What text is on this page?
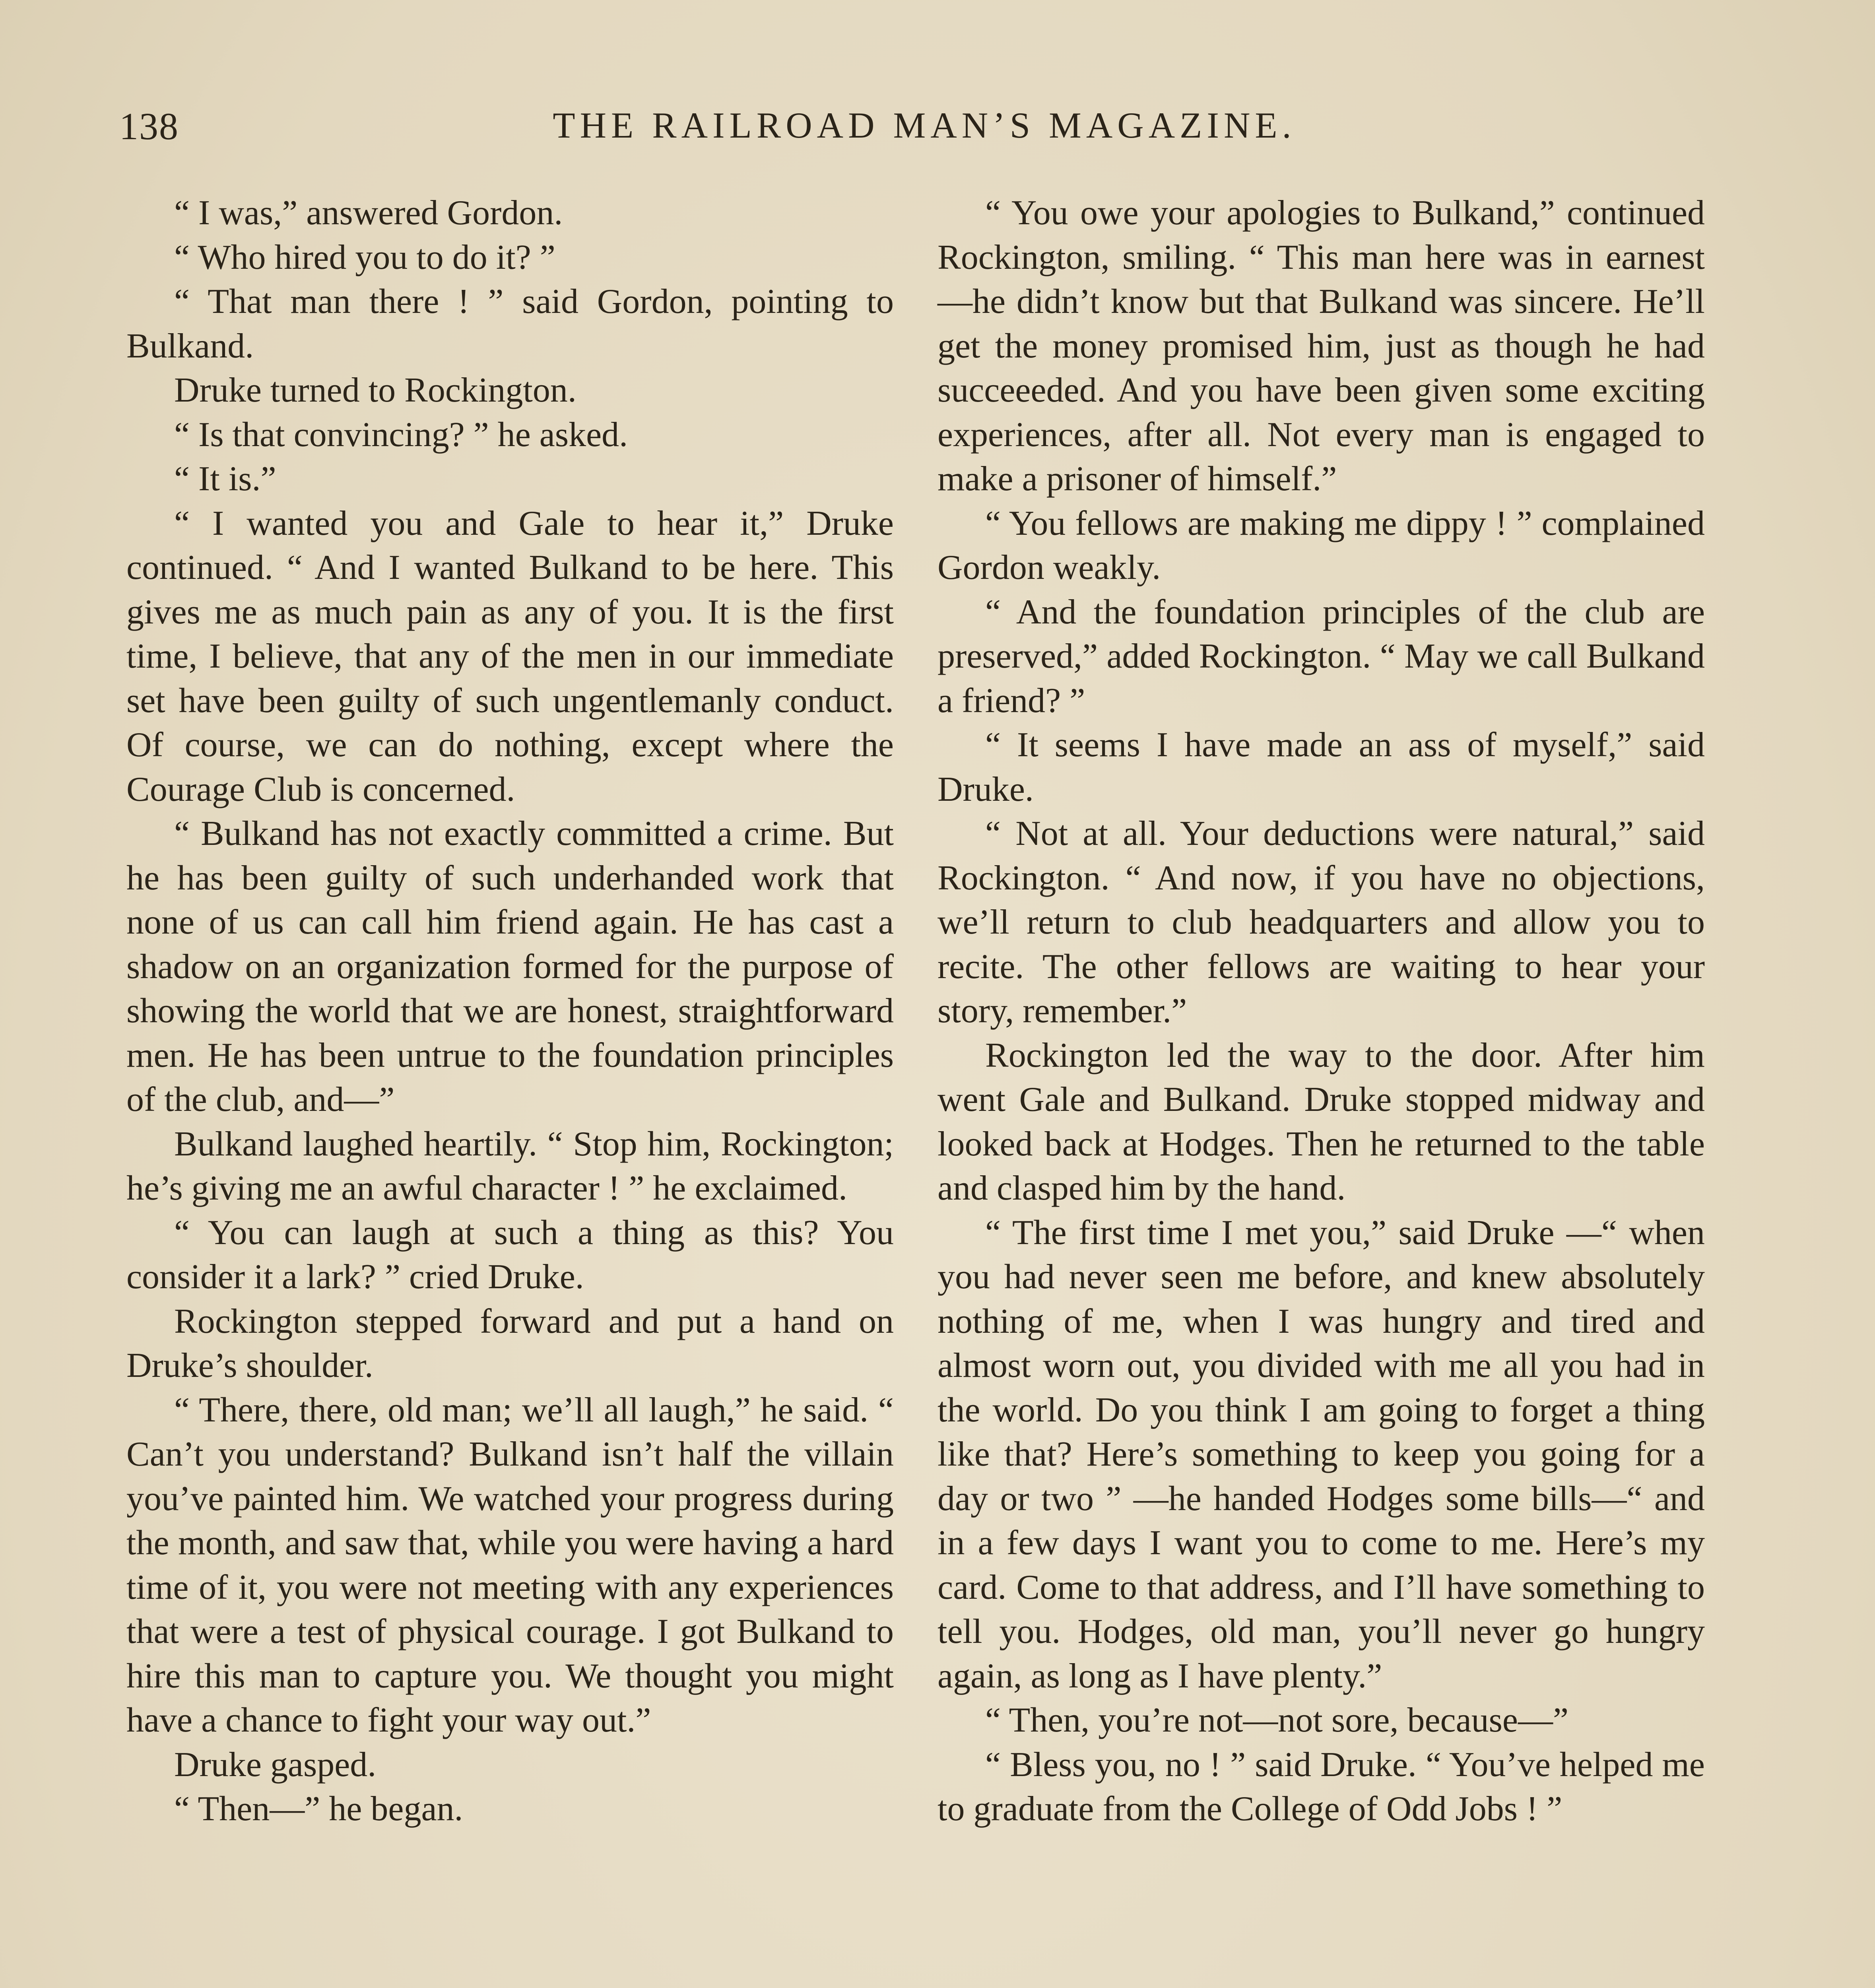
138	THE RAILROAD MAN’S MAGAZINE.

“ I was,” answered Gordon.

“ Who hired you to do it? ”

“ That man there ! ” said Gordon, pointing to Bulkand.

Druke turned to Rockington.

“ Is that convincing? ” he asked.

“ It is.”

“ I wanted you and Gale to hear it,” Druke continued. “ And I wanted Bulkand to be here. This gives me as much pain as any of you. It is the first time, I believe, that any of the men in our immediate set have been guilty of such ungentlemanly conduct. Of course, we can do nothing, except where the Courage Club is concerned.

“ Bulkand has not exactly committed a crime. But he has been guilty of such underhanded work that none of us can call him friend again. He has cast a shadow on an organization formed for the purpose of showing the world that we are honest, straightforward men. He has been untrue to the foundation principles of the club, and—”

Bulkand laughed heartily. “ Stop him, Rockington; he’s giving me an awful character ! ” he exclaimed.

“ You can laugh at such a thing as this? You consider it a lark? ” cried Druke.

Rockington stepped forward and put a hand on Druke’s shoulder.

“ There, there, old man; we’ll all laugh,” he said. “ Can’t you understand? Bulkand isn’t half the villain you’ve painted him. We watched your progress during the month, and saw that, while you were having a hard time of it, you were not meeting with any experiences that were a test of physical courage. I got Bulkand to hire this man to capture you. We thought you might have a chance to fight your way out.”

Druke gasped.

“ Then—” he began.

“ You owe your apologies to Bulkand,” continued Rockington, smiling. “ This man here was in earnest—he didn’t know but that Bulkand was sincere. He’ll get the money promised him, just as though he had succeeeded. And you have been given some exciting experiences, after all. Not every man is engaged to make a prisoner of himself.”

“ You fellows are making me dippy ! ” complained Gordon weakly.

“ And the foundation principles of the club are preserved,” added Rockington. “ May we call Bulkand a friend? ”

“ It seems I have made an ass of myself,” said Druke.

“ Not at all. Your deductions were natural,” said Rockington. “ And now, if you have no objections, we’ll return to club headquarters and allow you to recite. The other fellows are waiting to hear your story, remember.”

Rockington led the way to the door. After him went Gale and Bulkand. Druke stopped midway and looked back at Hodges. Then he returned to the table and clasped him by the hand.

“ The first time I met you,” said Druke —“ when you had never seen me before, and knew absolutely nothing of me, when I was hungry and tired and almost worn out, you divided with me all you had in the world. Do you think I am going to forget a thing like that? Here’s something to keep you going for a day or two ” —he handed Hodges some bills—“ and in a few days I want you to come to me. Here’s my card. Come to that address, and I’ll have something to tell you. Hodges, old man, you’ll never go hungry again, as long as I have plenty.”

“ Then, you’re not—not sore, because—”

“ Bless you, no ! ” said Druke. “ You’ve helped me to graduate from the College of Odd Jobs ! ”
